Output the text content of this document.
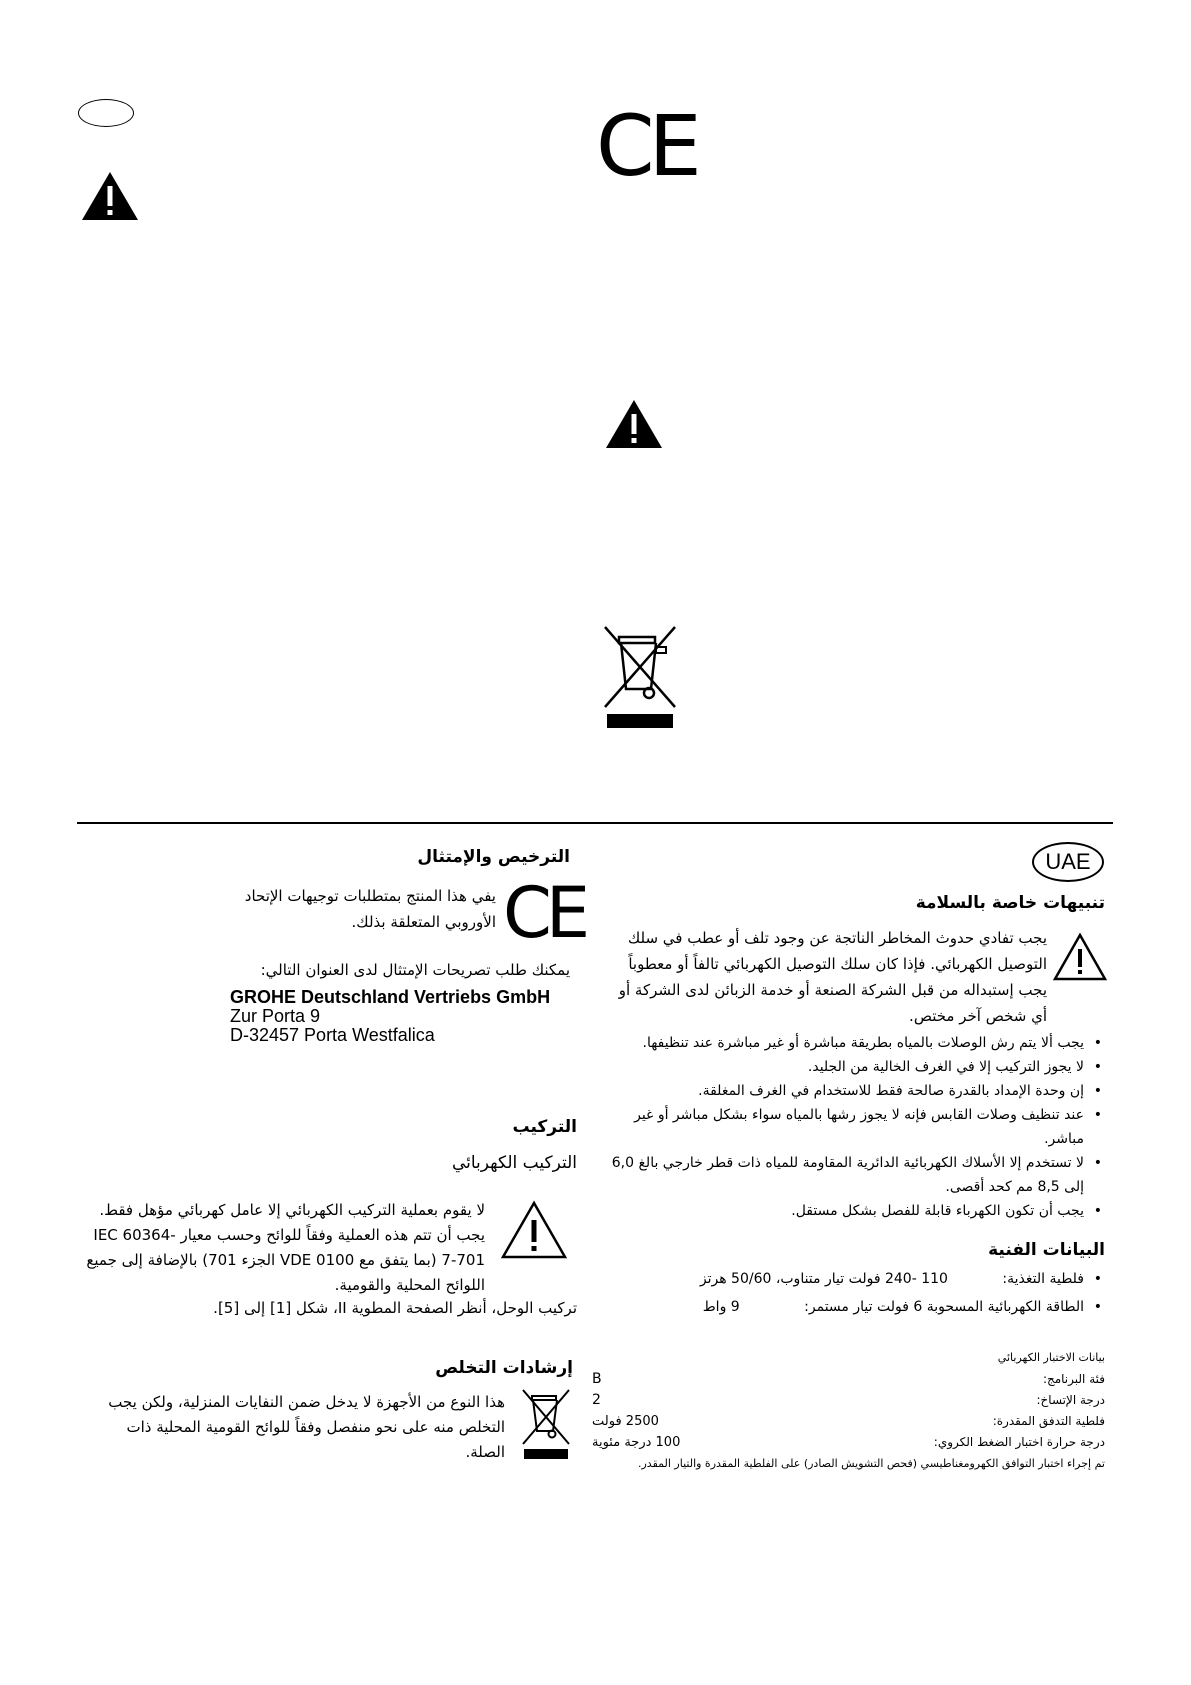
CE
UAE
تنبيهات خاصة بالسلامة
يجب تفادي حدوث المخاطر الناتجة عن وجود تلف أو عطب في سلك التوصيل الكهربائي. فإذا كان سلك التوصيل الكهربائي تالفاً أو معطوباً يجب إستبداله من قبل الشركة الصنعة أو خدمة الزبائن لدى الشركة أو أي شخص آخر مختص.
• يجب ألا يتم رش الوصلات بالمياه بطريقة مباشرة أو غير مباشرة عند تنظيفها.
• لا يجوز التركيب إلا في الغرف الخالية من الجليد.
• إن وحدة الإمداد بالقدرة صالحة فقط للاستخدام في الغرف المغلقة.
• عند تنظيف وصلات القابس فإنه لا يجوز رشها بالمياه سواء بشكل مباشر أو غير مباشر.
• لا تستخدم إلا الأسلاك الكهربائية الدائرية المقاومة للمياه ذات قطر خارجي بالغ 6,0 إلى 8,5 مم كحد أقصى.
• يجب أن تكون الكهرباء قابلة للفصل بشكل مستقل.
البيانات الفنية
• فلطية التغذية: 110 -240 فولت تيار متناوب، 50/60 هرتز
• الطاقة الكهربائية المسحوبة 6 فولت تيار مستمر: 9 واط
بيانات الاختبار الكهربائي
فئة البرنامج:
B
درجة الإتساخ:
2
فلطية التدفق المقدرة:
2500 فولت
درجة حرارة اختبار الضغط الكروي:
100 درجة مئوية
تم إجراء اختبار التوافق الكهرومغناطيسي (فحص التشويش الصادر) على الفلطية المقدرة والتيار المقدر.
الترخيص والإمتثال
CE
يفي هذا المنتج بمتطلبات توجيهات الإتحاد الأوروبي المتعلقة بذلك.
يمكنك طلب تصريحات الإمتثال لدى العنوان التالي:
GROHE Deutschland Vertriebs GmbH
Zur Porta 9
D-32457 Porta Westfalica
التركيب
التركيب الكهربائي
لا يقوم بعملية التركيب الكهربائي إلا عامل كهربائي مؤهل فقط. يجب أن تتم هذه العملية وفقاً للوائح وحسب معيار IEC 60364-7-701 (بما يتفق مع VDE 0100 الجزء 701) بالإضافة إلى جميع اللوائح المحلية والقومية.
تركيب الوحل، أنظر الصفحة المطوية II، شكل [1] إلى [5].
إرشادات التخلص
هذا النوع من الأجهزة لا يدخل ضمن النفايات المنزلية، ولكن يجب التخلص منه على نحو منفصل وفقاً للوائح القومية المحلية ذات الصلة.
